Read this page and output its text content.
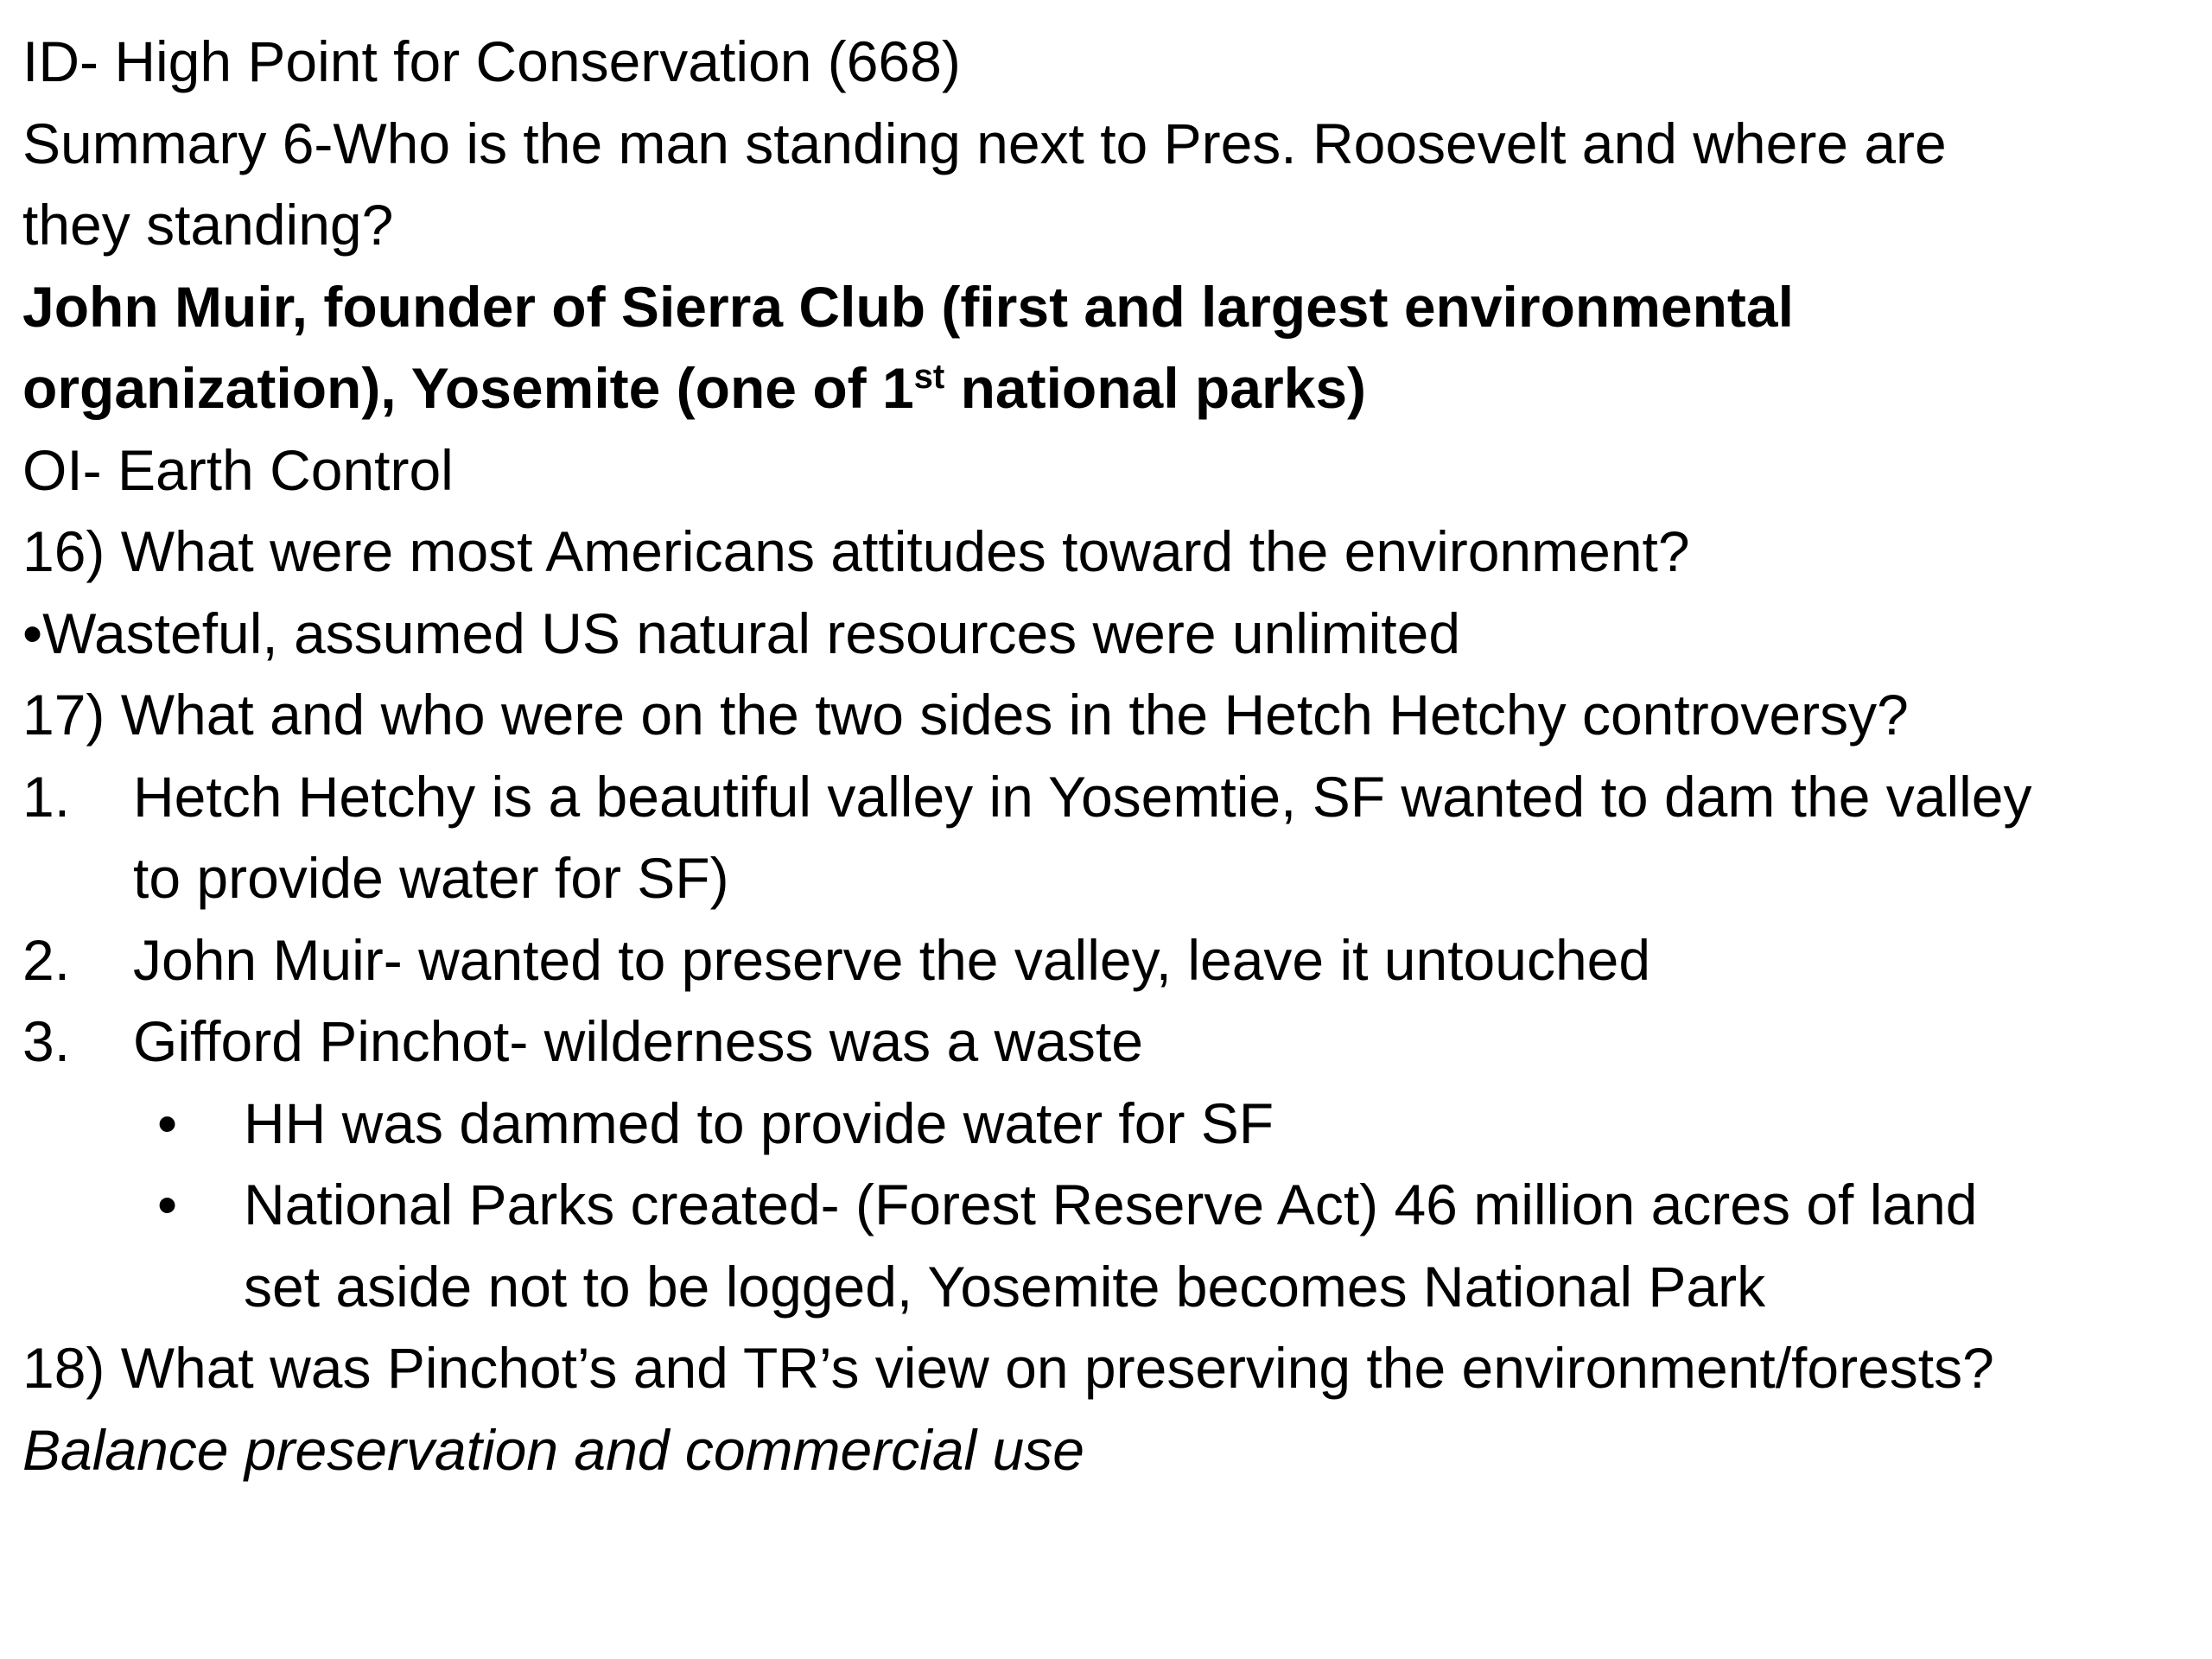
ID- High Point for Conservation (668)
Summary 6-Who is the man standing next to Pres. Roosevelt and where are
they standing?
John Muir, founder of Sierra Club (first and largest environmental
organization), Yosemite (one of 1st national parks)
OI- Earth Control
16) What were most Americans attitudes toward the environment?
•Wasteful, assumed US natural resources were unlimited
17) What and who were on the two sides in the Hetch Hetchy controversy?
1.	Hetch Hetchy is a beautiful valley in Yosemtie, SF wanted to dam the valley
to provide water for SF)
2.	John Muir- wanted to preserve the valley, leave it untouched
3.	Gifford Pinchot- wilderness was a waste
•	HH was dammed to provide water for SF
•	National Parks created- (Forest Reserve Act) 46 million acres of land
set aside not to be logged, Yosemite becomes National Park
18) What was Pinchot’s and TR’s view on preserving the environment/forests?
Balance preservation and commercial use
